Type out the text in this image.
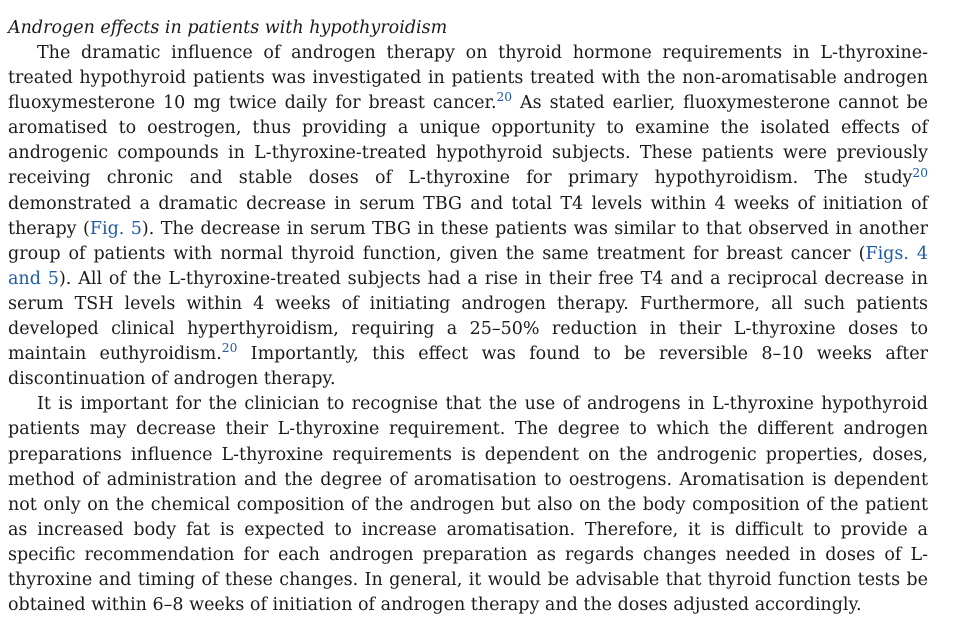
Androgen effects in patients with hypothyroidism

The dramatic influence of androgen therapy on thyroid hormone requirements in L-thyroxine-treated hypothyroid patients was investigated in patients treated with the non-aromatisable androgen fluoxymesterone 10 mg twice daily for breast cancer.$^{20}$ As stated earlier, fluoxymesterone cannot be aromatised to oestrogen, thus providing a unique opportunity to examine the isolated effects of androgenic compounds in L-thyroxine-treated hypothyroid subjects. These patients were previously receiving chronic and stable doses of L-thyroxine for primary hypothyroidism. The study$^{20}$ demonstrated a dramatic decrease in serum TBG and total T4 levels within 4 weeks of initiation of therapy (Fig. 5). The decrease in serum TBG in these patients was similar to that observed in another group of patients with normal thyroid function, given the same treatment for breast cancer (Figs. 4 and 5). All of the L-thyroxine-treated subjects had a rise in their free T4 and a reciprocal decrease in serum TSH levels within 4 weeks of initiating androgen therapy. Furthermore, all such patients developed clinical hyperthyroidism, requiring a 25–50% reduction in their L-thyroxine doses to maintain euthyroidism.$^{20}$ Importantly, this effect was found to be reversible 8–10 weeks after discontinuation of androgen therapy.

It is important for the clinician to recognise that the use of androgens in L-thyroxine hypothyroid patients may decrease their L-thyroxine requirement. The degree to which the different androgen preparations influence L-thyroxine requirements is dependent on the androgenic properties, doses, method of administration and the degree of aromatisation to oestrogens. Aromatisation is dependent not only on the chemical composition of the androgen but also on the body composition of the patient as increased body fat is expected to increase aromatisation. Therefore, it is difficult to provide a specific recommendation for each androgen preparation as regards changes needed in doses of L-thyroxine and timing of these changes. In general, it would be advisable that thyroid function tests be obtained within 6–8 weeks of initiation of androgen therapy and the doses adjusted accordingly.
